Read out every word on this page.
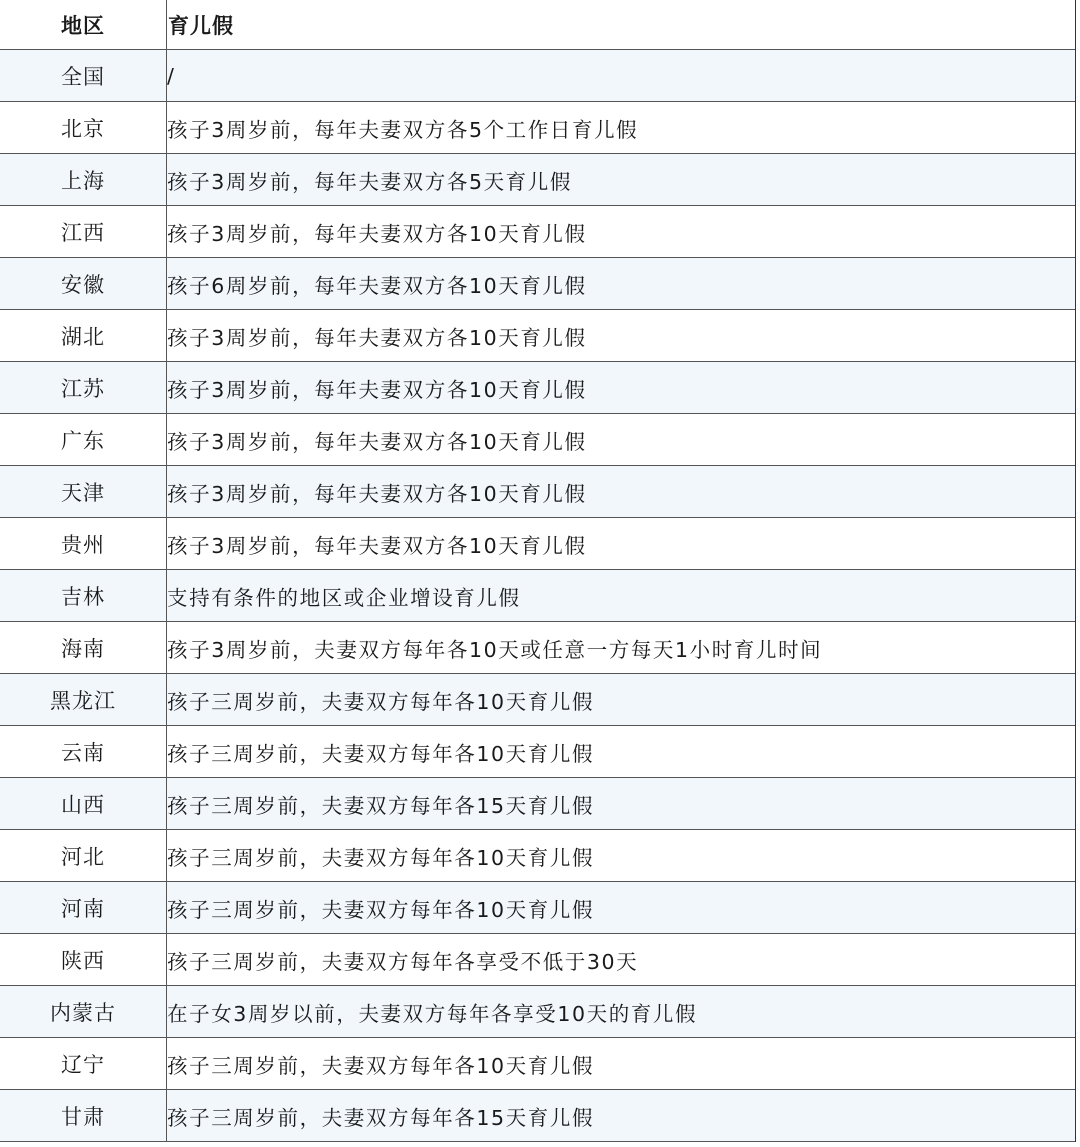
地区	育儿假
全国	/
北京	孩子3周岁前，每年夫妻双方各5个工作日育儿假
上海	孩子3周岁前，每年夫妻双方各5天育儿假
江西	孩子3周岁前，每年夫妻双方各10天育儿假
安徽	孩子6周岁前，每年夫妻双方各10天育儿假
湖北	孩子3周岁前，每年夫妻双方各10天育儿假
江苏	孩子3周岁前，每年夫妻双方各10天育儿假
广东	孩子3周岁前，每年夫妻双方各10天育儿假
天津	孩子3周岁前，每年夫妻双方各10天育儿假
贵州	孩子3周岁前，每年夫妻双方各10天育儿假
吉林	支持有条件的地区或企业增设育儿假
海南	孩子3周岁前，夫妻双方每年各10天或任意一方每天1小时育儿时间
黑龙江	孩子三周岁前，夫妻双方每年各10天育儿假
云南	孩子三周岁前，夫妻双方每年各10天育儿假
山西	孩子三周岁前，夫妻双方每年各15天育儿假
河北	孩子三周岁前，夫妻双方每年各10天育儿假
河南	孩子三周岁前，夫妻双方每年各10天育儿假
陕西	孩子三周岁前，夫妻双方每年各享受不低于30天
内蒙古	在子女3周岁以前，夫妻双方每年各享受10天的育儿假
辽宁	孩子三周岁前，夫妻双方每年各10天育儿假
甘肃	孩子三周岁前，夫妻双方每年各15天育儿假
